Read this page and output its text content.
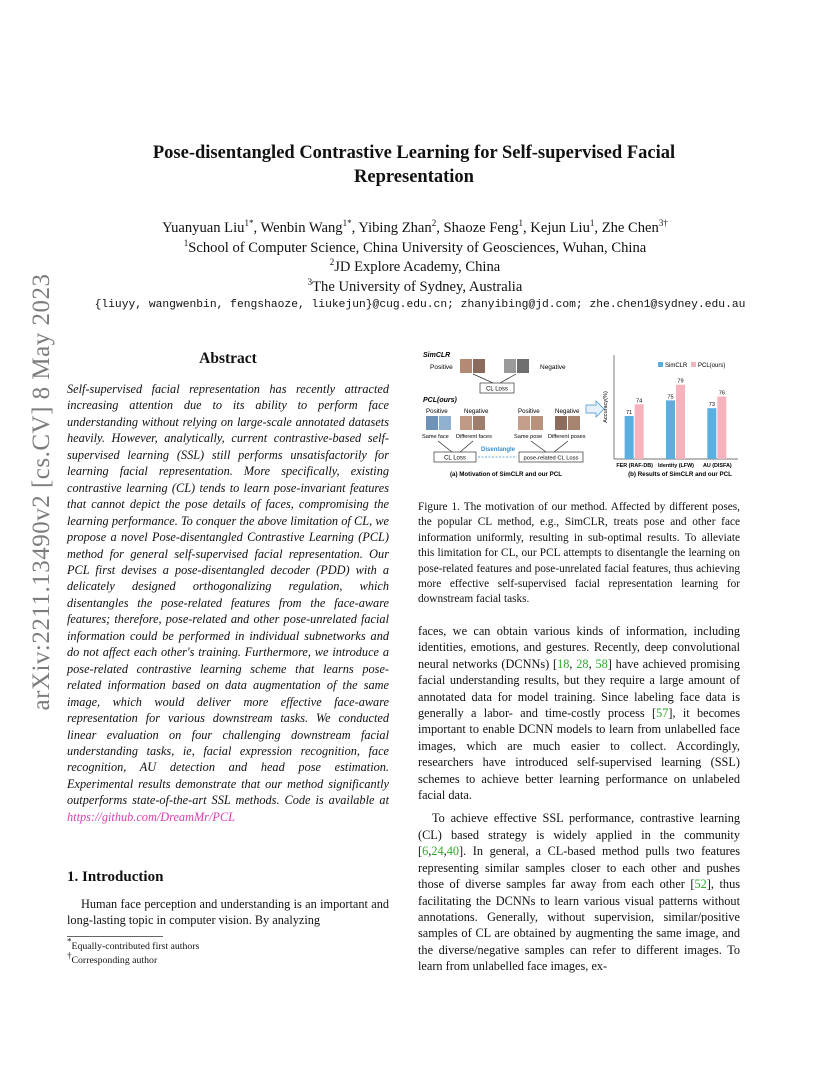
arXiv:2211.13490v2 [cs.CV] 8 May 2023
Pose-disentangled Contrastive Learning for Self-supervised Facial
Representation
Yuanyuan Liu$^{1*}$, Wenbin Wang$^{1*}$, Yibing Zhan$^2$, Shaoze Feng$^1$, Kejun Liu$^1$, Zhe Chen$^{3\dagger}$
$^1$School of Computer Science, China University of Geosciences, Wuhan, China
$^2$JD Explore Academy, China
$^3$The University of Sydney, Australia
{liuyy, wangwenbin, fengshaoze, liukejun}@cug.edu.cn; zhanyibing@jd.com; zhe.chen1@sydney.edu.au
Abstract
Self-supervised facial representation has recently attracted increasing attention due to its ability to perform face understanding without relying on large-scale annotated datasets heavily. However, analytically, current contrastive-based self-supervised learning (SSL) still performs unsatisfactorily for learning facial representation. More specifically, existing contrastive learning (CL) tends to learn pose-invariant features that cannot depict the pose details of faces, compromising the learning performance. To conquer the above limitation of CL, we propose a novel Pose-disentangled Contrastive Learning (PCL) method for general self-supervised facial representation. Our PCL first devises a pose-disentangled decoder (PDD) with a delicately designed orthogonalizing regulation, which disentangles the pose-related features from the face-aware features; therefore, pose-related and other pose-unrelated facial information could be performed in individual subnetworks and do not affect each other's training. Furthermore, we introduce a pose-related contrastive learning scheme that learns pose-related information based on data augmentation of the same image, which would deliver more effective face-aware representation for various downstream tasks. We conducted linear evaluation on four challenging downstream facial understanding tasks, ie, facial expression recognition, face recognition, AU detection and head pose estimation. Experimental results demonstrate that our method significantly outperforms state-of-the-art SSL methods. Code is available at https://github.com/DreamMr/PCL
1. Introduction
Human face perception and understanding is an important and long-lasting topic in computer vision. By analyzing
*Equally-contributed first authors
†Corresponding author
SimCLR
Positive	Negative
CL Loss
PCL(ours)
Positive	Negative	Positive Negative
Same face Different faces	Same pose Different poses
CL Loss	pose-related CL Loss
Disentangle
(a) Motivation of SimCLR and our PCL
Accuracy(%)
SimCLR PCL(ours)
71
74
FER (RAF-DB)
75
79
Identity (LFW)
73
76
AU (DISFA)
(b) Results of SimCLR and our PCL
Figure 1. The motivation of our method. Affected by different poses, the popular CL method, e.g., SimCLR, treats pose and other face information uniformly, resulting in sub-optimal results. To alleviate this limitation for CL, our PCL attempts to disentangle the learning on pose-related features and pose-unrelated facial features, thus achieving more effective self-supervised facial representation learning for downstream facial tasks.

faces, we can obtain various kinds of information, including identities, emotions, and gestures. Recently, deep convolutional neural networks (DCNNs) [18, 28, 58] have achieved promising facial understanding results, but they require a large amount of annotated data for model training. Since labeling face data is generally a labor- and time-costly process [57], it becomes important to enable DCNN models to learn from unlabelled face images, which are much easier to collect. Accordingly, researchers have introduced self-supervised learning (SSL) schemes to achieve better learning performance on unlabeled facial data.

To achieve effective SSL performance, contrastive learning (CL) based strategy is widely applied in the community [6,24,40]. In general, a CL-based method pulls two features representing similar samples closer to each other and pushes those of diverse samples far away from each other [52], thus facilitating the DCNNs to learn various visual patterns without annotations. Generally, without supervision, similar/positive samples of CL are obtained by augmenting the same image, and the diverse/negative samples can refer to different images. To learn from unlabelled face images, ex-
